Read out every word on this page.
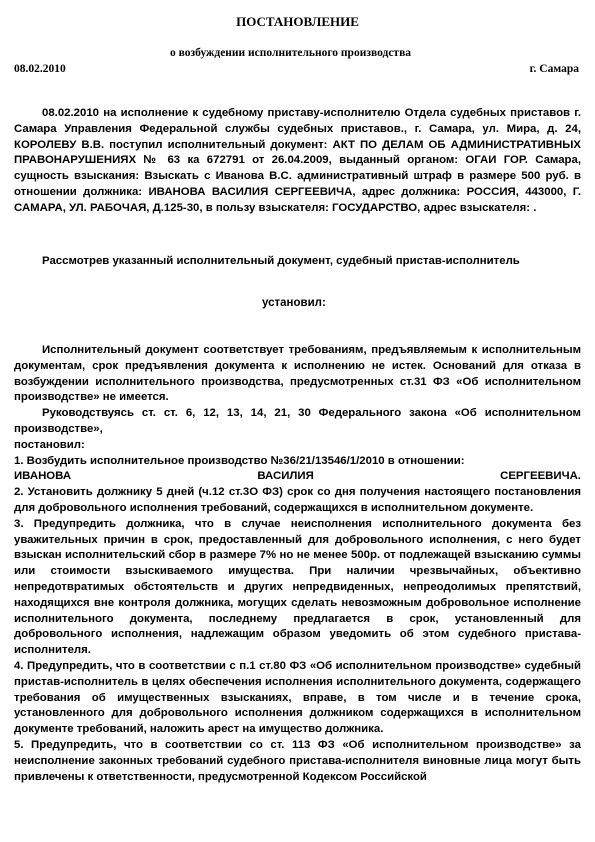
ПОСТАНОВЛЕНИЕ
о возбуждении исполнительного производства
08.02.2010	г. Самара

08.02.2010 на исполнение к судебному приставу-исполнителю Отдела судебных приставов г. Самара Управления Федеральной службы судебных приставов., г. Самара, ул. Мира, д. 24, КОРОЛЕВУ В.В. поступил исполнительный документ: АКТ ПО ДЕЛАМ ОБ АДМИНИСТРАТИВНЫХ ПРАВОНАРУШЕНИЯХ № 63 ка 672791 от 26.04.2009, выданный органом: ОГАИ ГОР. Самара, сущность взыскания: Взыскать с Иванова В.С. административный штраф в размере 500 руб. в отношении должника: ИВАНОВА ВАСИЛИЯ СЕРГЕЕВИЧА, адрес должника: РОССИЯ, 443000, Г. САМАРА, УЛ. РАБОЧАЯ, Д.125-30, в пользу взыскателя: ГОСУДАРСТВО, адрес взыскателя: .

Рассмотрев указанный исполнительный документ, судебный пристав-исполнитель

установил:

Исполнительный документ соответствует требованиям, предъявляемым к исполнительным документам, срок предъявления документа к исполнению не истек. Оснований для отказа в возбуждении исполнительного производства, предусмотренных ст.31 ФЗ «Об исполнительном производстве» не имеется.

Руководствуясь ст. ст. 6, 12, 13, 14, 21, 30 Федерального закона «Об исполнительном производстве»,

постановил:

1. Возбудить исполнительное производство №36/21/13546/1/2010 в отношении:

ИВАНОВА	ВАСИЛИЯ	СЕРГЕЕВИЧА.

2. Установить должнику 5 дней (ч.12 ст.3О ФЗ) срок со дня получения настоящего постановления для добровольного исполнения требований, содержащихся в исполнительном документе.

3. Предупредить должника, что в случае неисполнения исполнительного документа без уважительных причин в срок, предоставленный для добровольного исполнения, с него будет взыскан исполнительский сбор в размере 7% но не менее 500р. от подлежащей взысканию суммы или стоимости взыскиваемого имущества. При наличии чрезвычайных, объективно непредотвратимых обстоятельств и других непредвиденных, непреодолимых препятствий, находящихся вне контроля должника, могущих сделать невозможным добровольное исполнение исполнительного документа, последнему предлагается в срок, установленный для добровольного исполнения, надлежащим образом уведомить об этом судебного пристава-исполнителя.

4. Предупредить, что в соответствии с п.1 ст.80 ФЗ «Об исполнительном производстве» судебный пристав-исполнитель в целях обеспечения исполнения исполнительного документа, содержащего требования об имущественных взысканиях, вправе, в том числе и в течение срока, установленного для добровольного исполнения должником содержащихся в исполнительном документе требований, наложить арест на имущество должника.

5. Предупредить, что в соответствии со ст. 113 ФЗ «Об исполнительном производстве» за неисполнение законных требований судебного пристава-исполнителя виновные лица могут быть привлечены к ответственности, предусмотренной Кодексом Российской
